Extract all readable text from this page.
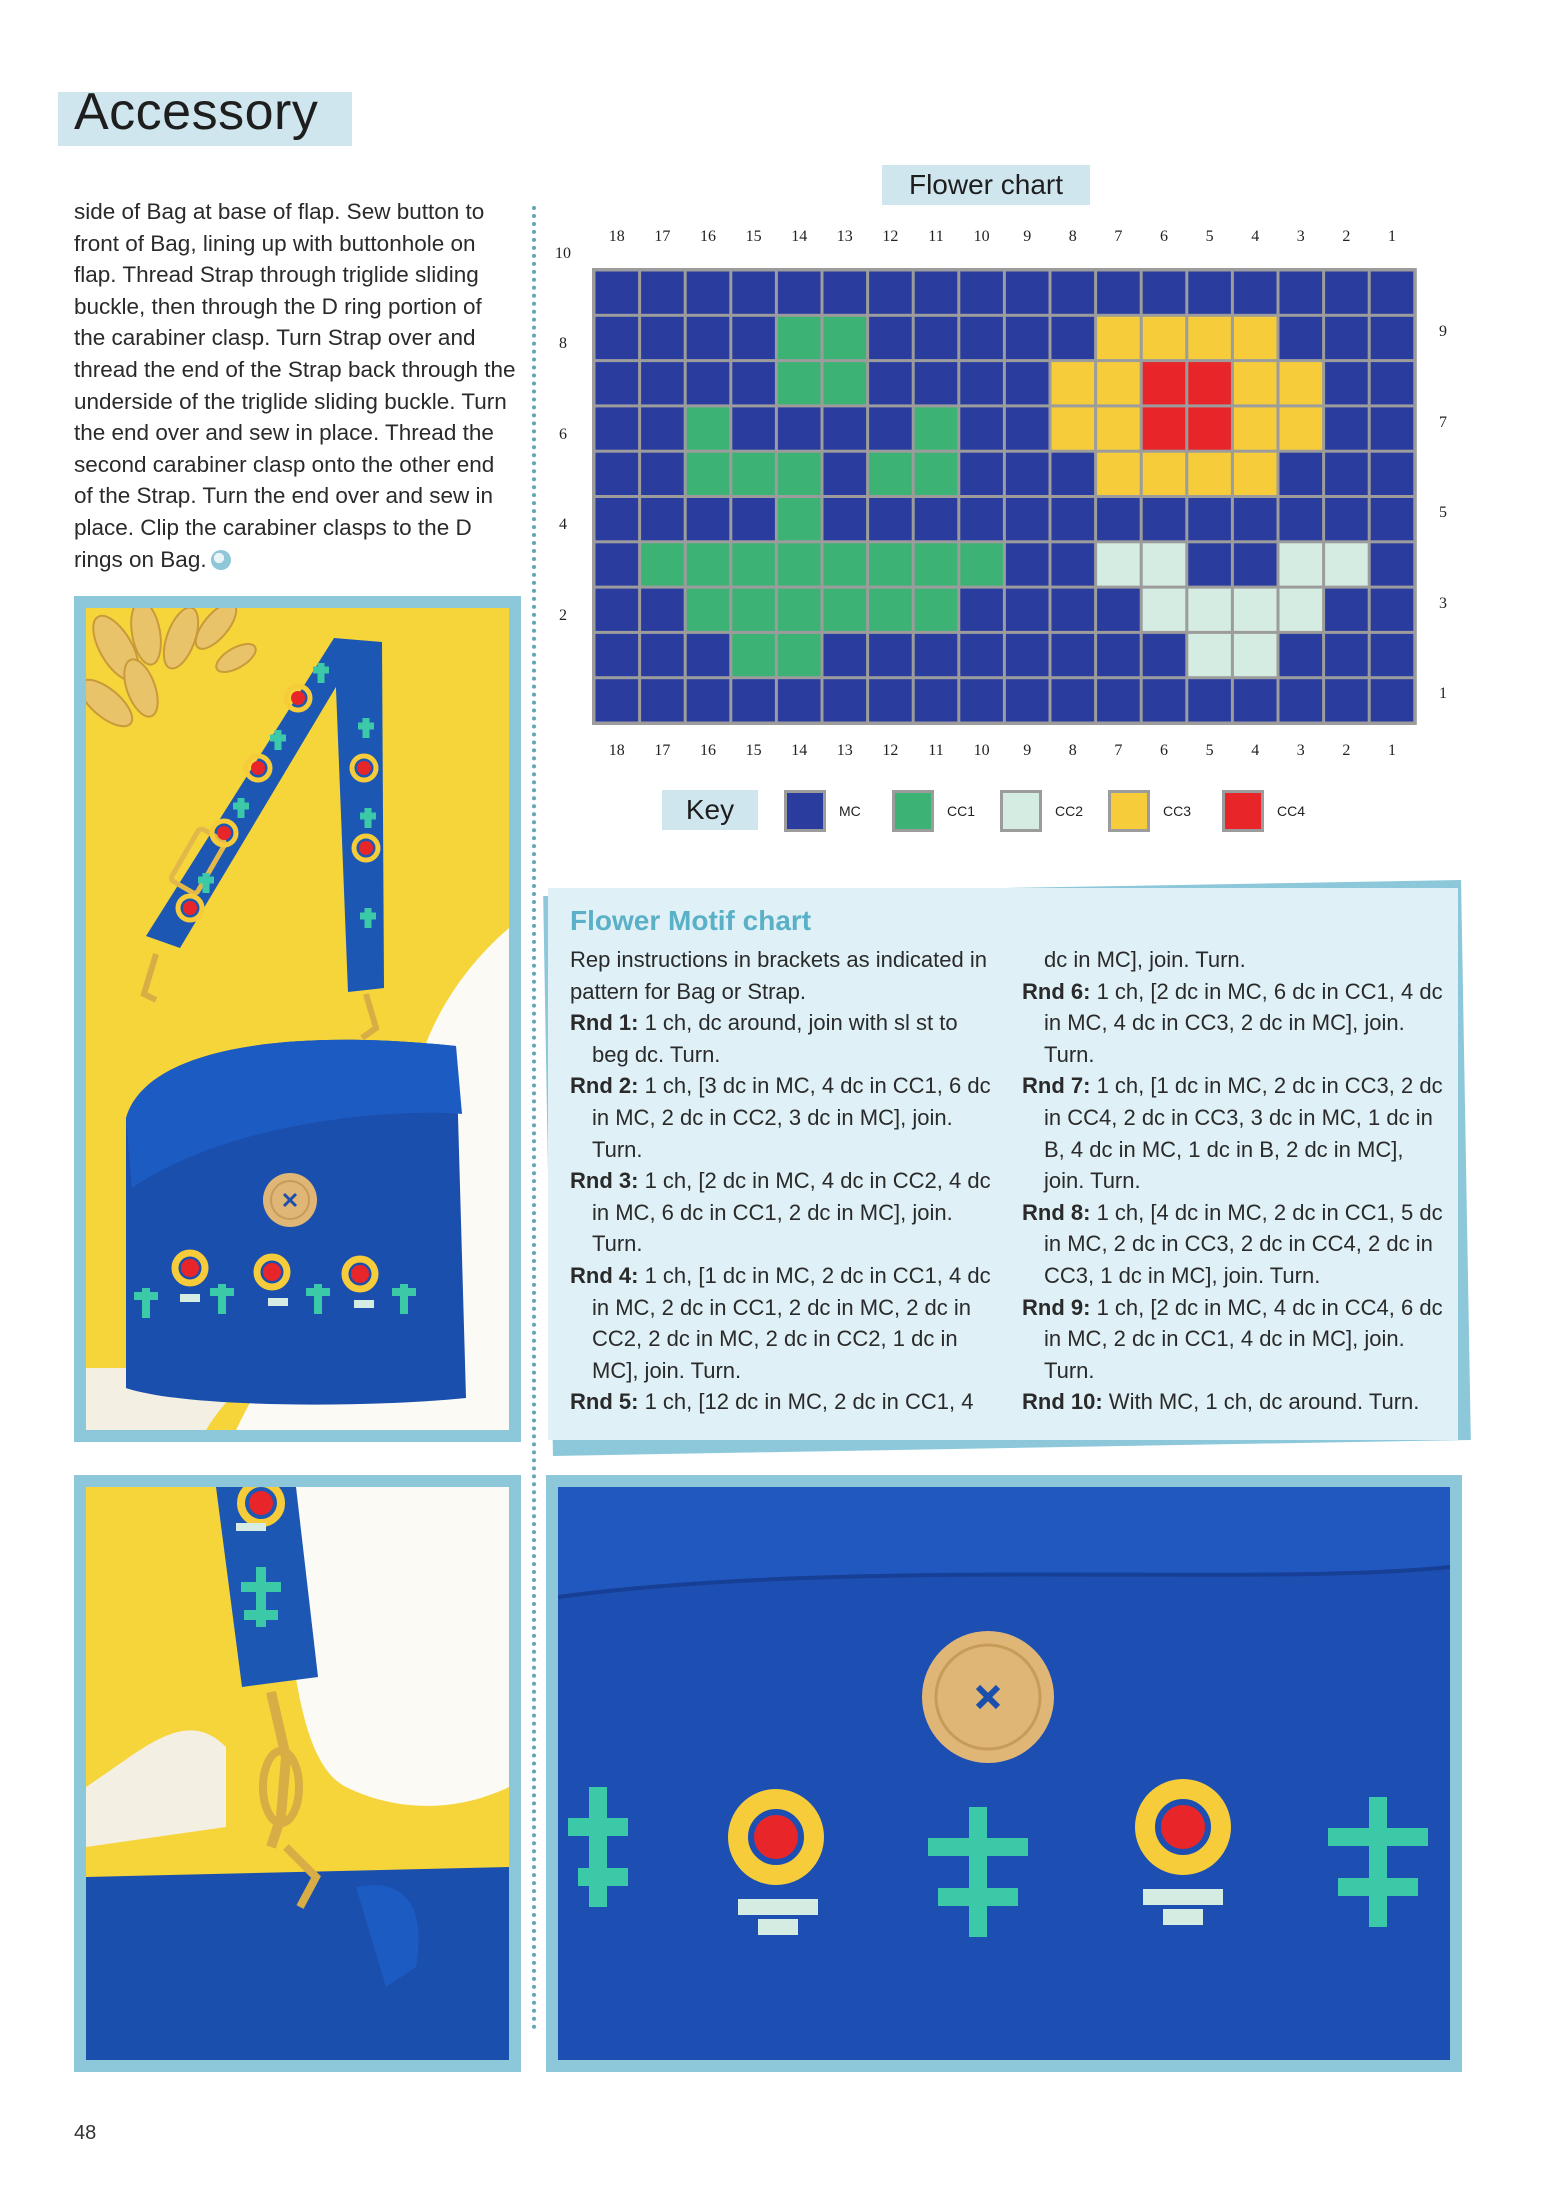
Accessory

side of Bag at base of flap. Sew button to front of Bag, lining up with buttonhole on flap. Thread Strap through triglide sliding buckle, then through the D ring portion of the carabiner clasp. Turn Strap over and thread the end of the Strap back through the underside of the triglide sliding buckle. Turn the end over and sew in place. Thread the second carabiner clasp onto the other end of the Strap. Turn the end over and sew in place. Clip the carabiner clasps to the D rings on Bag.

Flower chart
18
18
17
17
16
16
15
15
14
14
13
13
12
12
11
11
10
10
9
9
8
8
7
7
6
6
5
5
4
4
3
3
2
2
1
1
10
8
6
4
2
9
7
5
3
1
Key	MC	CC1	CC2	CC3	CC4
Flower Motif chart

Rep instructions in brackets as indicated in pattern for Bag or Strap.

Rnd 1: 1 ch, dc around, join with sl st to beg dc. Turn.

Rnd 2: 1 ch, [3 dc in MC, 4 dc in CC1, 6 dc in MC, 2 dc in CC2, 3 dc in MC], join. Turn.

Rnd 3: 1 ch, [2 dc in MC, 4 dc in CC2, 4 dc in MC, 6 dc in CC1, 2 dc in MC], join. Turn.

Rnd 4: 1 ch, [1 dc in MC, 2 dc in CC1, 4 dc in MC, 2 dc in CC1, 2 dc in MC, 2 dc in CC2, 2 dc in MC, 2 dc in CC2, 1 dc in MC], join. Turn.

Rnd 5: 1 ch, [12 dc in MC, 2 dc in CC1, 4

dc in MC], join. Turn.

Rnd 6: 1 ch, [2 dc in MC, 6 dc in CC1, 4 dc in MC, 4 dc in CC3, 2 dc in MC], join. Turn.

Rnd 7: 1 ch, [1 dc in MC, 2 dc in CC3, 2 dc in CC4, 2 dc in CC3, 3 dc in MC, 1 dc in B, 4 dc in MC, 1 dc in B, 2 dc in MC], join. Turn.

Rnd 8: 1 ch, [4 dc in MC, 2 dc in CC1, 5 dc in MC, 2 dc in CC3, 2 dc in CC4, 2 dc in CC3, 1 dc in MC], join. Turn.

Rnd 9: 1 ch, [2 dc in MC, 4 dc in CC4, 6 dc in MC, 2 dc in CC1, 4 dc in MC], join. Turn.

Rnd 10: With MC, 1 ch, dc around. Turn.

48
